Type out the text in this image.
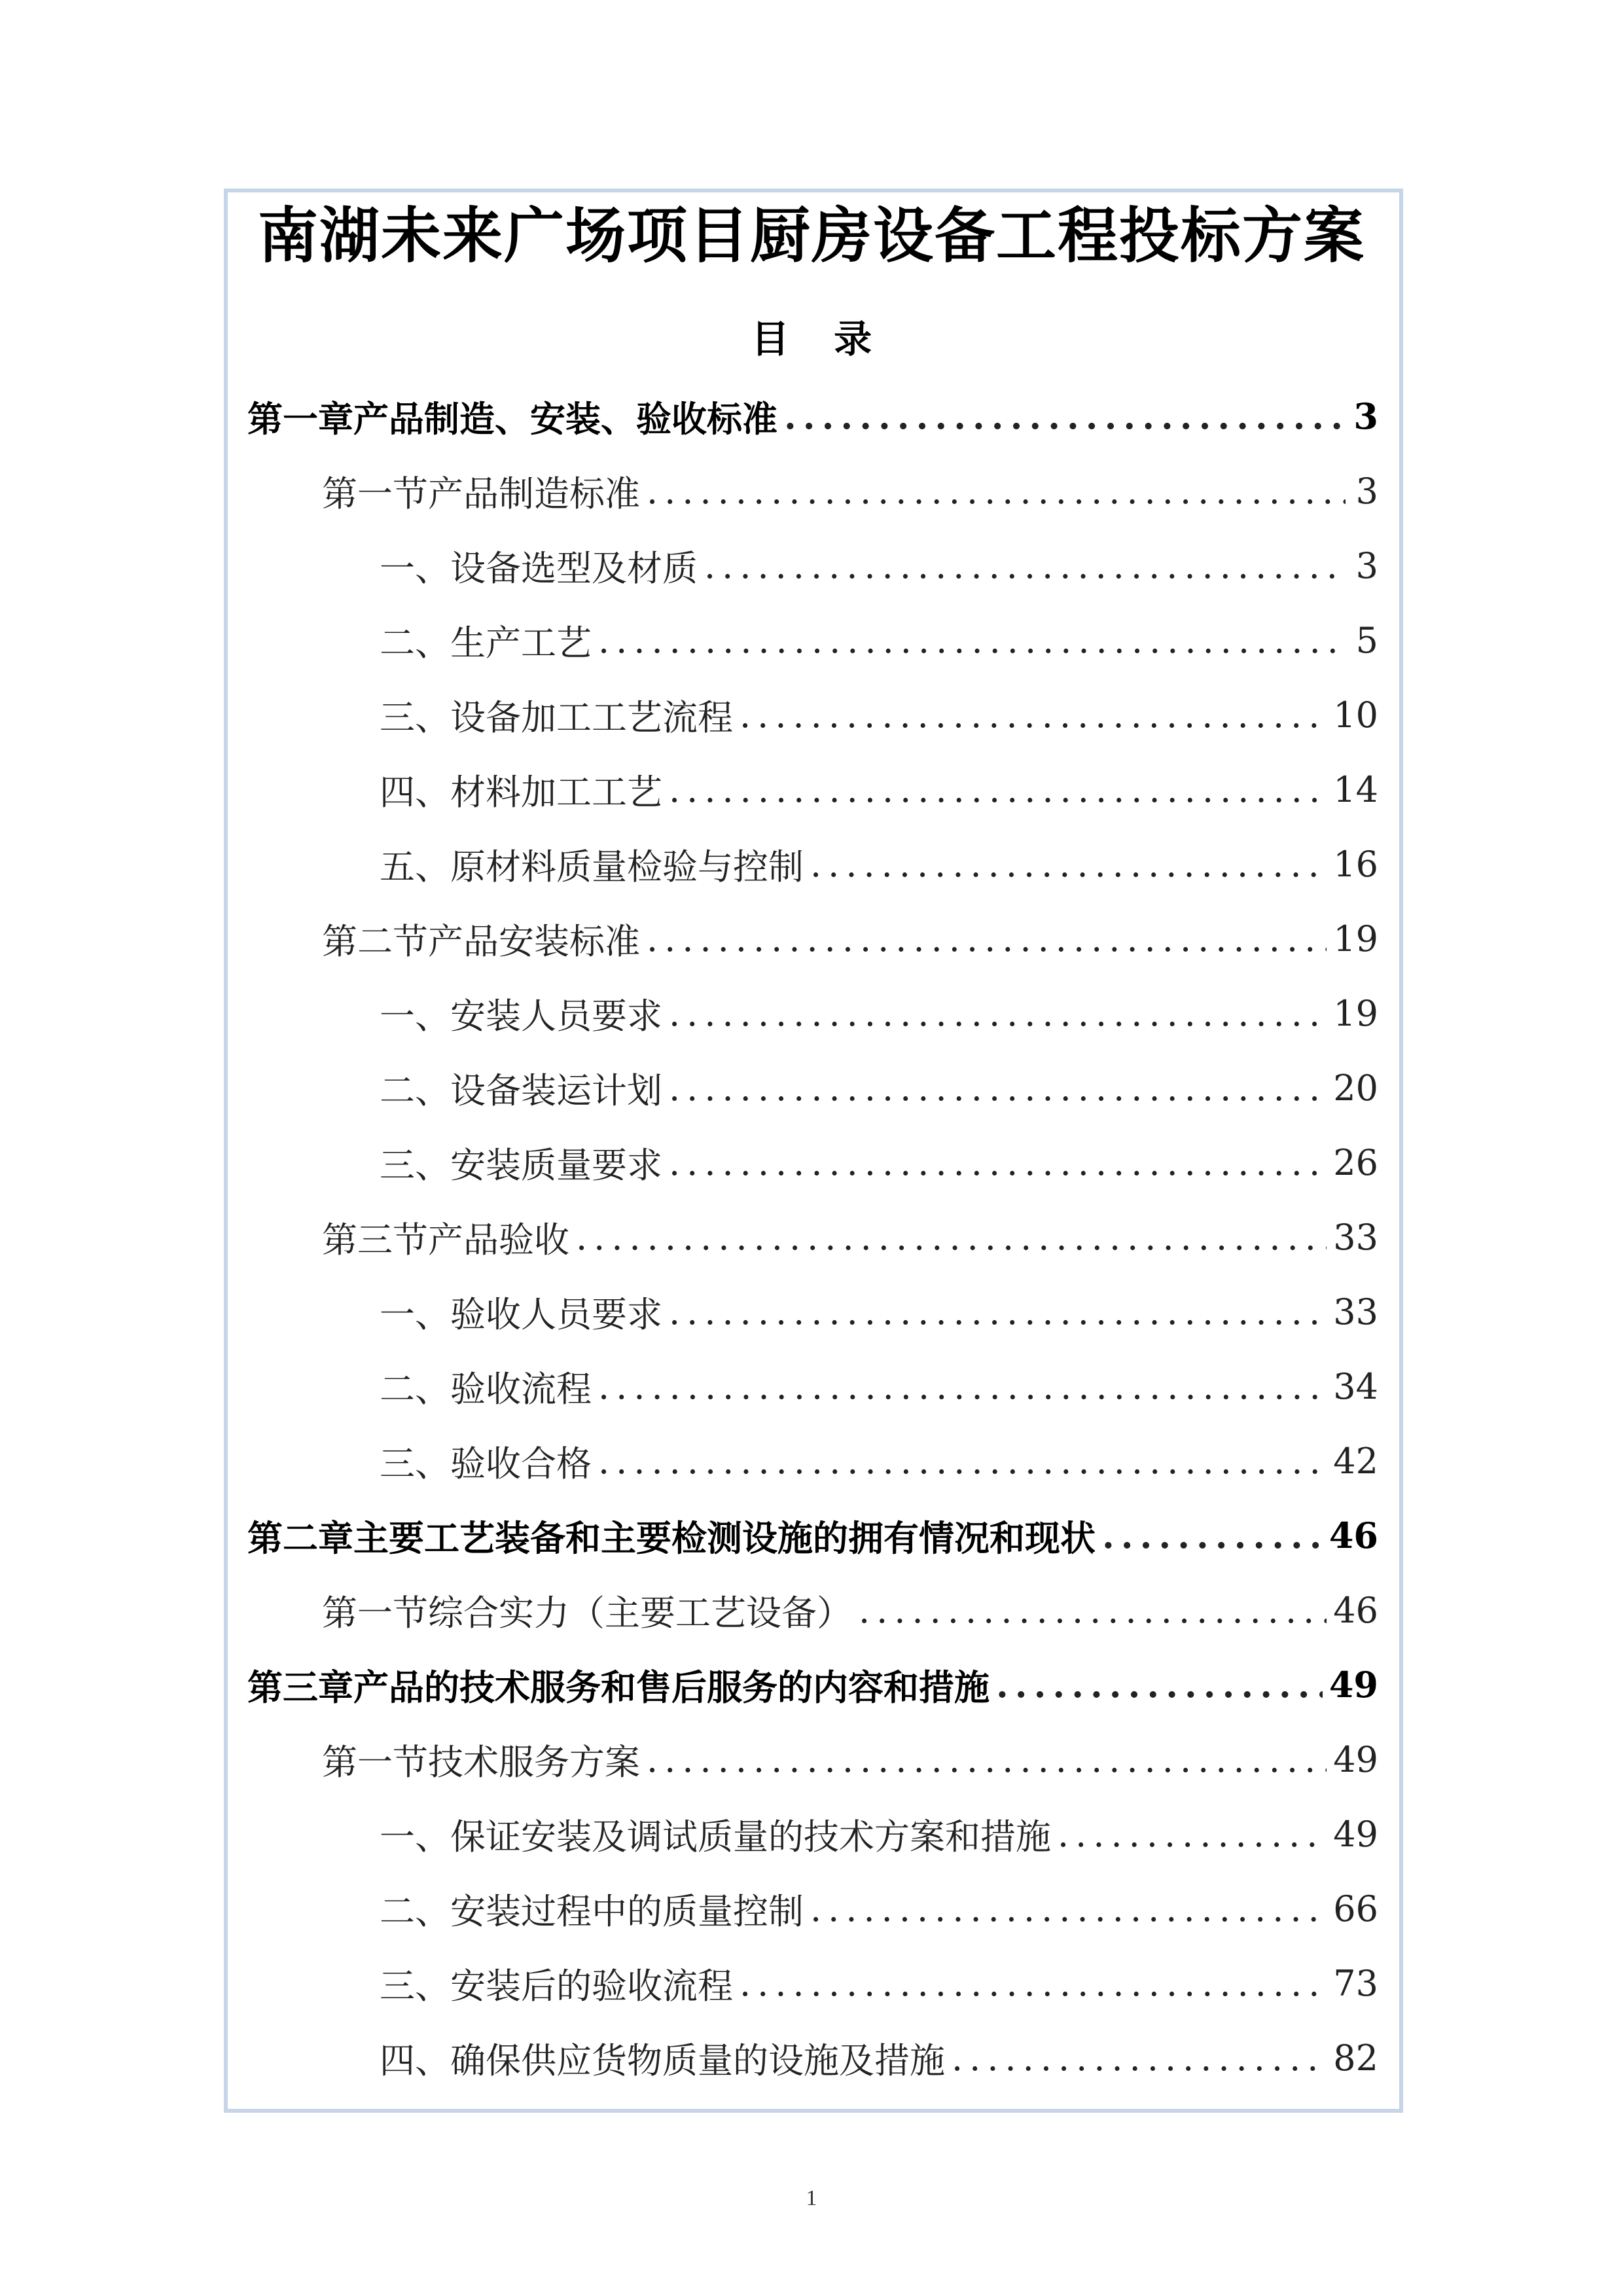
南湖未来广场项目厨房设备工程投标方案
目 录
第一章 产品制造、安装、验收标准 .....	3
第一节 产品制造标准 .....	3
一、 设备选型及材质 .....	3
二、 生产工艺 .....	5
三、 设备加工工艺流程 .....	10
四、 材料加工工艺 .....	14
五、 原材料质量检验与控制 .....	16
第二节 产品安装标准 .....	19
一、 安装人员要求 .....	19
二、 设备装运计划 .....	20
三、 安装质量要求 .....	26
第三节 产品验收 .....	33
一、 验收人员要求 .....	33
二、 验收流程 .....	34
三、 验收合格 .....	42
第二章 主要工艺装备和主要检测设施的拥有情况和现状 .....	46
第一节 综合实力（主要工艺设备） .....	46
第三章 产品的技术服务和售后服务的内容和措施 .....	49
第一节 技术服务方案 .....	49
一、 保证安装及调试质量的技术方案和措施 .....	49
二、 安装过程中的质量控制 .....	66
三、 安装后的验收流程 .....	73
四、 确保供应货物质量的设施及措施 .....	82
1
